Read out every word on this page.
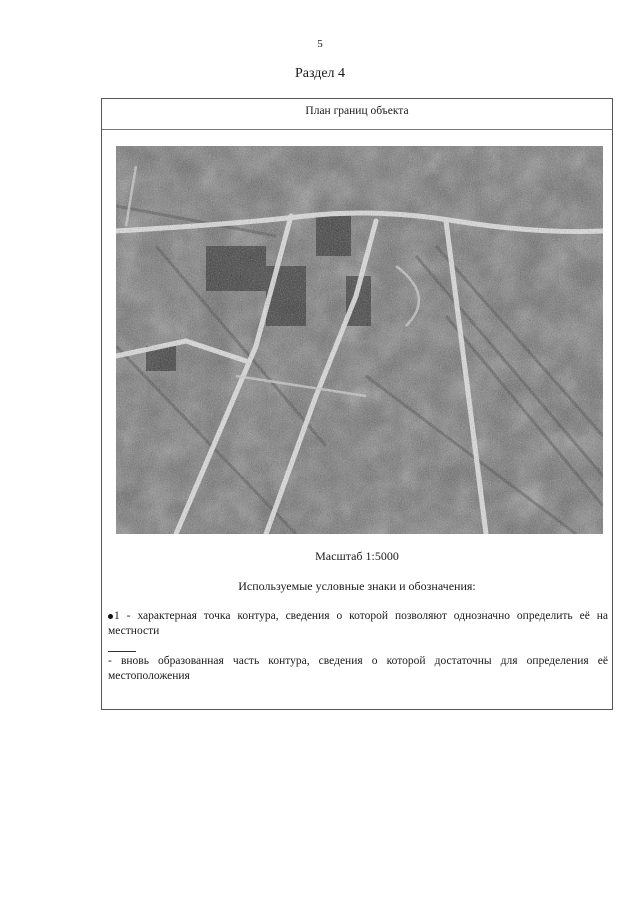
5
Раздел 4
План границ объекта
Масштаб 1:5000
Используемые условные знаки и обозначения:
1 - характерная точка контура, сведения о которой позволяют однозначно определить её на местности
- вновь образованная часть контура, сведения о которой достаточны для определения её местоположения
